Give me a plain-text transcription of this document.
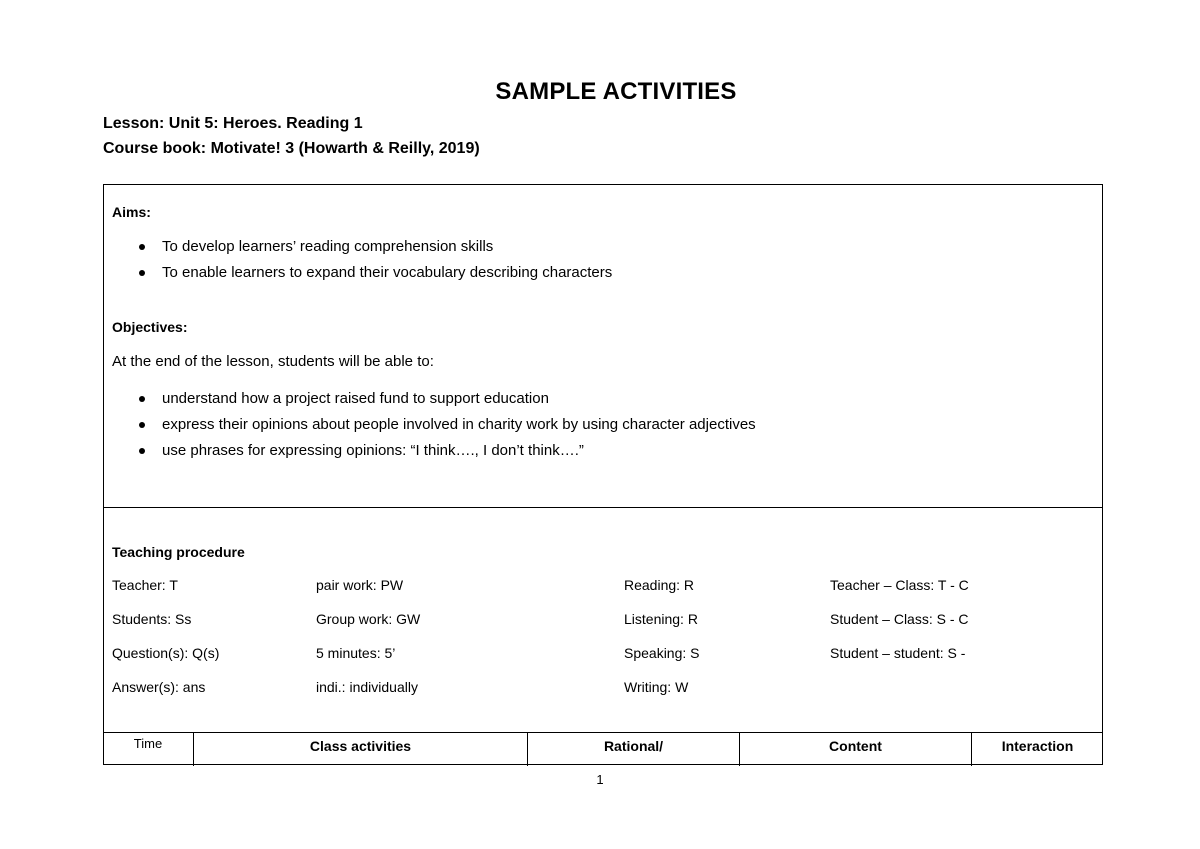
SAMPLE ACTIVITIES
Lesson: Unit 5: Heroes. Reading 1
Course book: Motivate! 3 (Howarth & Reilly, 2019)
Aims:
To develop learners’ reading comprehension skills
To enable learners to expand their vocabulary describing characters
Objectives:
At the end of the lesson, students will be able to:
understand how a project raised fund to support education
express their opinions about people involved in charity work by using character adjectives
use phrases for expressing opinions: “I think…., I don’t think….”
Teaching procedure
Teacher: T	pair work: PW	Reading: R	Teacher – Class: T - C
Students: Ss	Group work: GW	Listening: R	Student – Class: S - C
Question(s): Q(s)	5 minutes: 5’	Speaking: S	Student – student: S -
Answer(s): ans	indi.: individually	Writing: W
Time	Class activities	Rational/	Content	Interaction
1
